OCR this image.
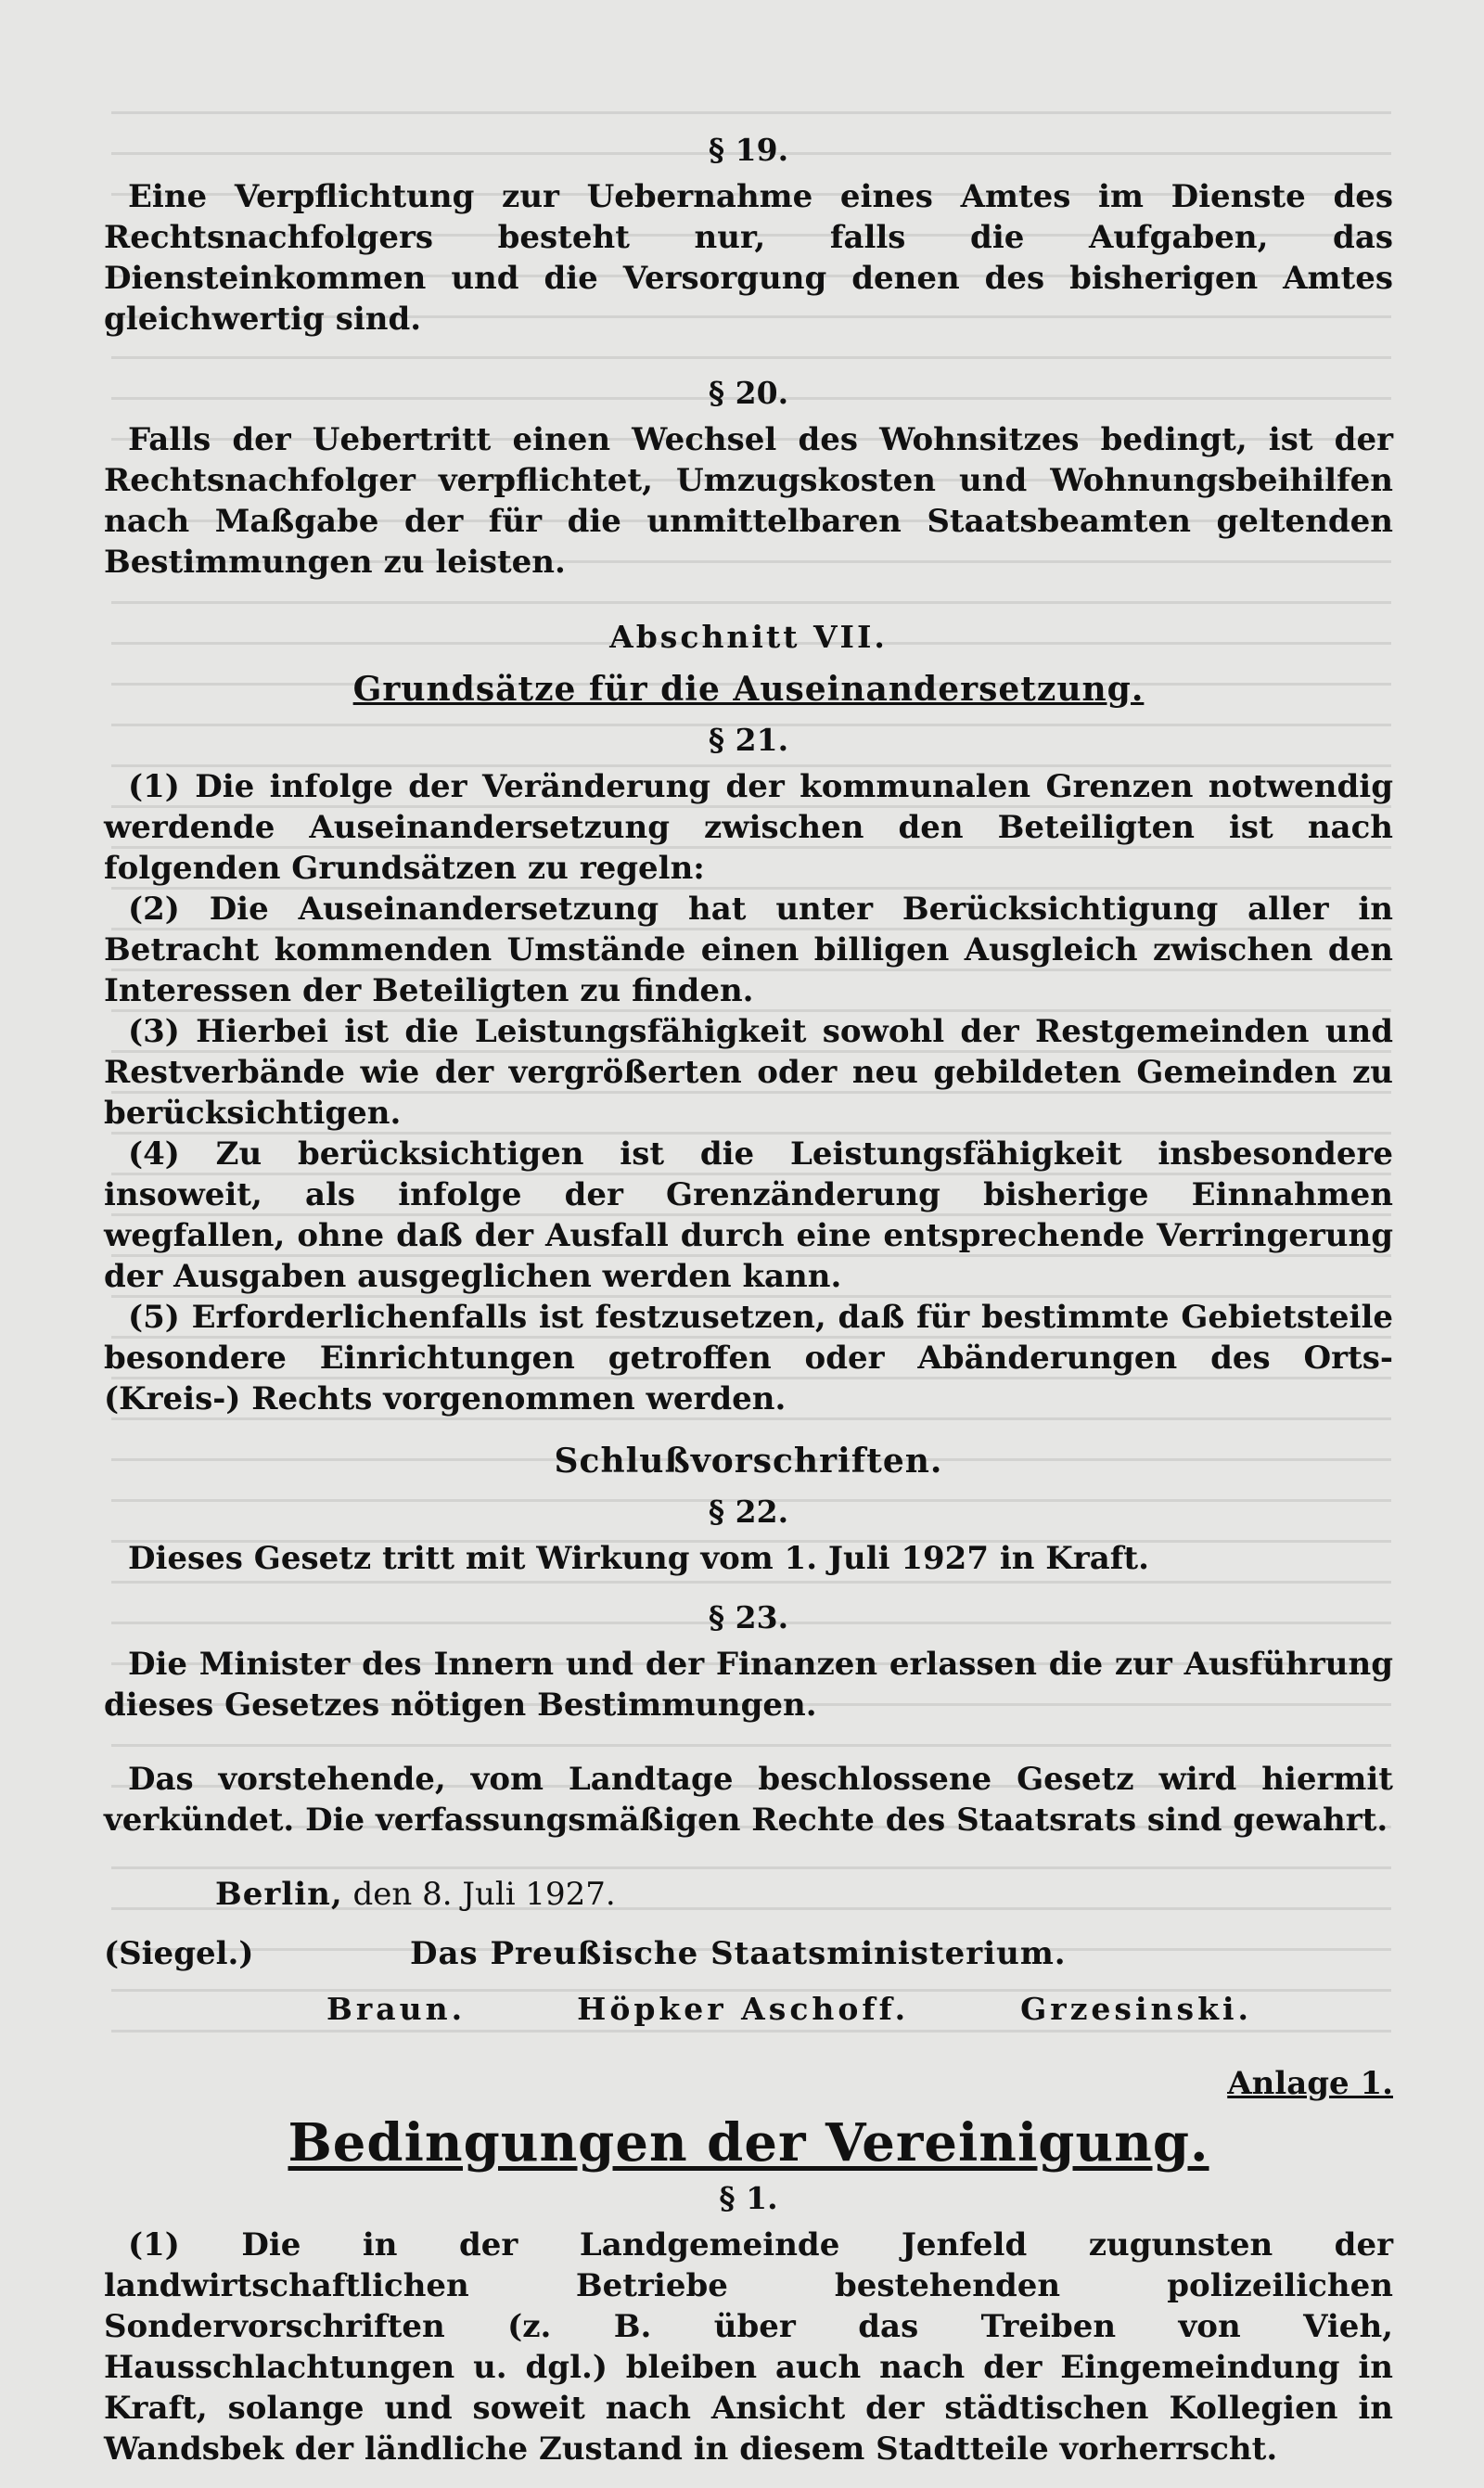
§ 19.

Eine Verpflichtung zur Uebernahme eines Amtes im Dienste des Rechtsnachfolgers besteht nur, falls die Aufgaben, das Diensteinkommen und die Versorgung denen des bisherigen Amtes gleichwertig sind.

§ 20.

Falls der Uebertritt einen Wechsel des Wohnsitzes bedingt, ist der Rechtsnachfolger verpflichtet, Umzugskosten und Wohnungsbeihilfen nach Maßgabe der für die unmittelbaren Staatsbeamten geltenden Bestimmungen zu leisten.

Abschnitt VII.

Grundsätze für die Auseinandersetzung.

§ 21.

(1) Die infolge der Veränderung der kommunalen Grenzen notwendig werdende Auseinandersetzung zwischen den Beteiligten ist nach folgenden Grundsätzen zu regeln:

(2) Die Auseinandersetzung hat unter Berücksichtigung aller in Betracht kommenden Umstände einen billigen Ausgleich zwischen den Interessen der Beteiligten zu finden.

(3) Hierbei ist die Leistungsfähigkeit sowohl der Restgemeinden und Restverbände wie der vergrößerten oder neu gebildeten Gemeinden zu berücksichtigen.

(4) Zu berücksichtigen ist die Leistungsfähigkeit insbesondere insoweit, als infolge der Grenzänderung bisherige Einnahmen wegfallen, ohne daß der Ausfall durch eine entsprechende Verringerung der Ausgaben ausgeglichen werden kann.

(5) Erforderlichenfalls ist festzusetzen, daß für bestimmte Gebietsteile besondere Einrichtungen getroffen oder Abänderungen des Orts- (Kreis-) Rechts vorgenommen werden.

Schlußvorschriften.

§ 22.

Dieses Gesetz tritt mit Wirkung vom 1. Juli 1927 in Kraft.

§ 23.

Die Minister des Innern und der Finanzen erlassen die zur Ausführung dieses Gesetzes nötigen Bestimmungen.

Das vorstehende, vom Landtage beschlossene Gesetz wird hiermit verkündet. Die verfassungsmäßigen Rechte des Staatsrats sind gewahrt.

Berlin, den 8. Juli 1927.

(Siegel.)	Das Preußische Staatsministerium.
Braun.	Höpker Aschoff.	Grzesinski.

Anlage 1.

Bedingungen der Vereinigung.

§ 1.

(1) Die in der Landgemeinde Jenfeld zugunsten der landwirtschaftlichen Betriebe bestehenden polizeilichen Sondervorschriften (z. B. über das Treiben von Vieh, Hausschlachtungen u. dgl.) bleiben auch nach der Eingemeindung in Kraft, solange und soweit nach Ansicht der städtischen Kollegien in Wandsbek der ländliche Zustand in diesem Stadtteile vorherrscht.
